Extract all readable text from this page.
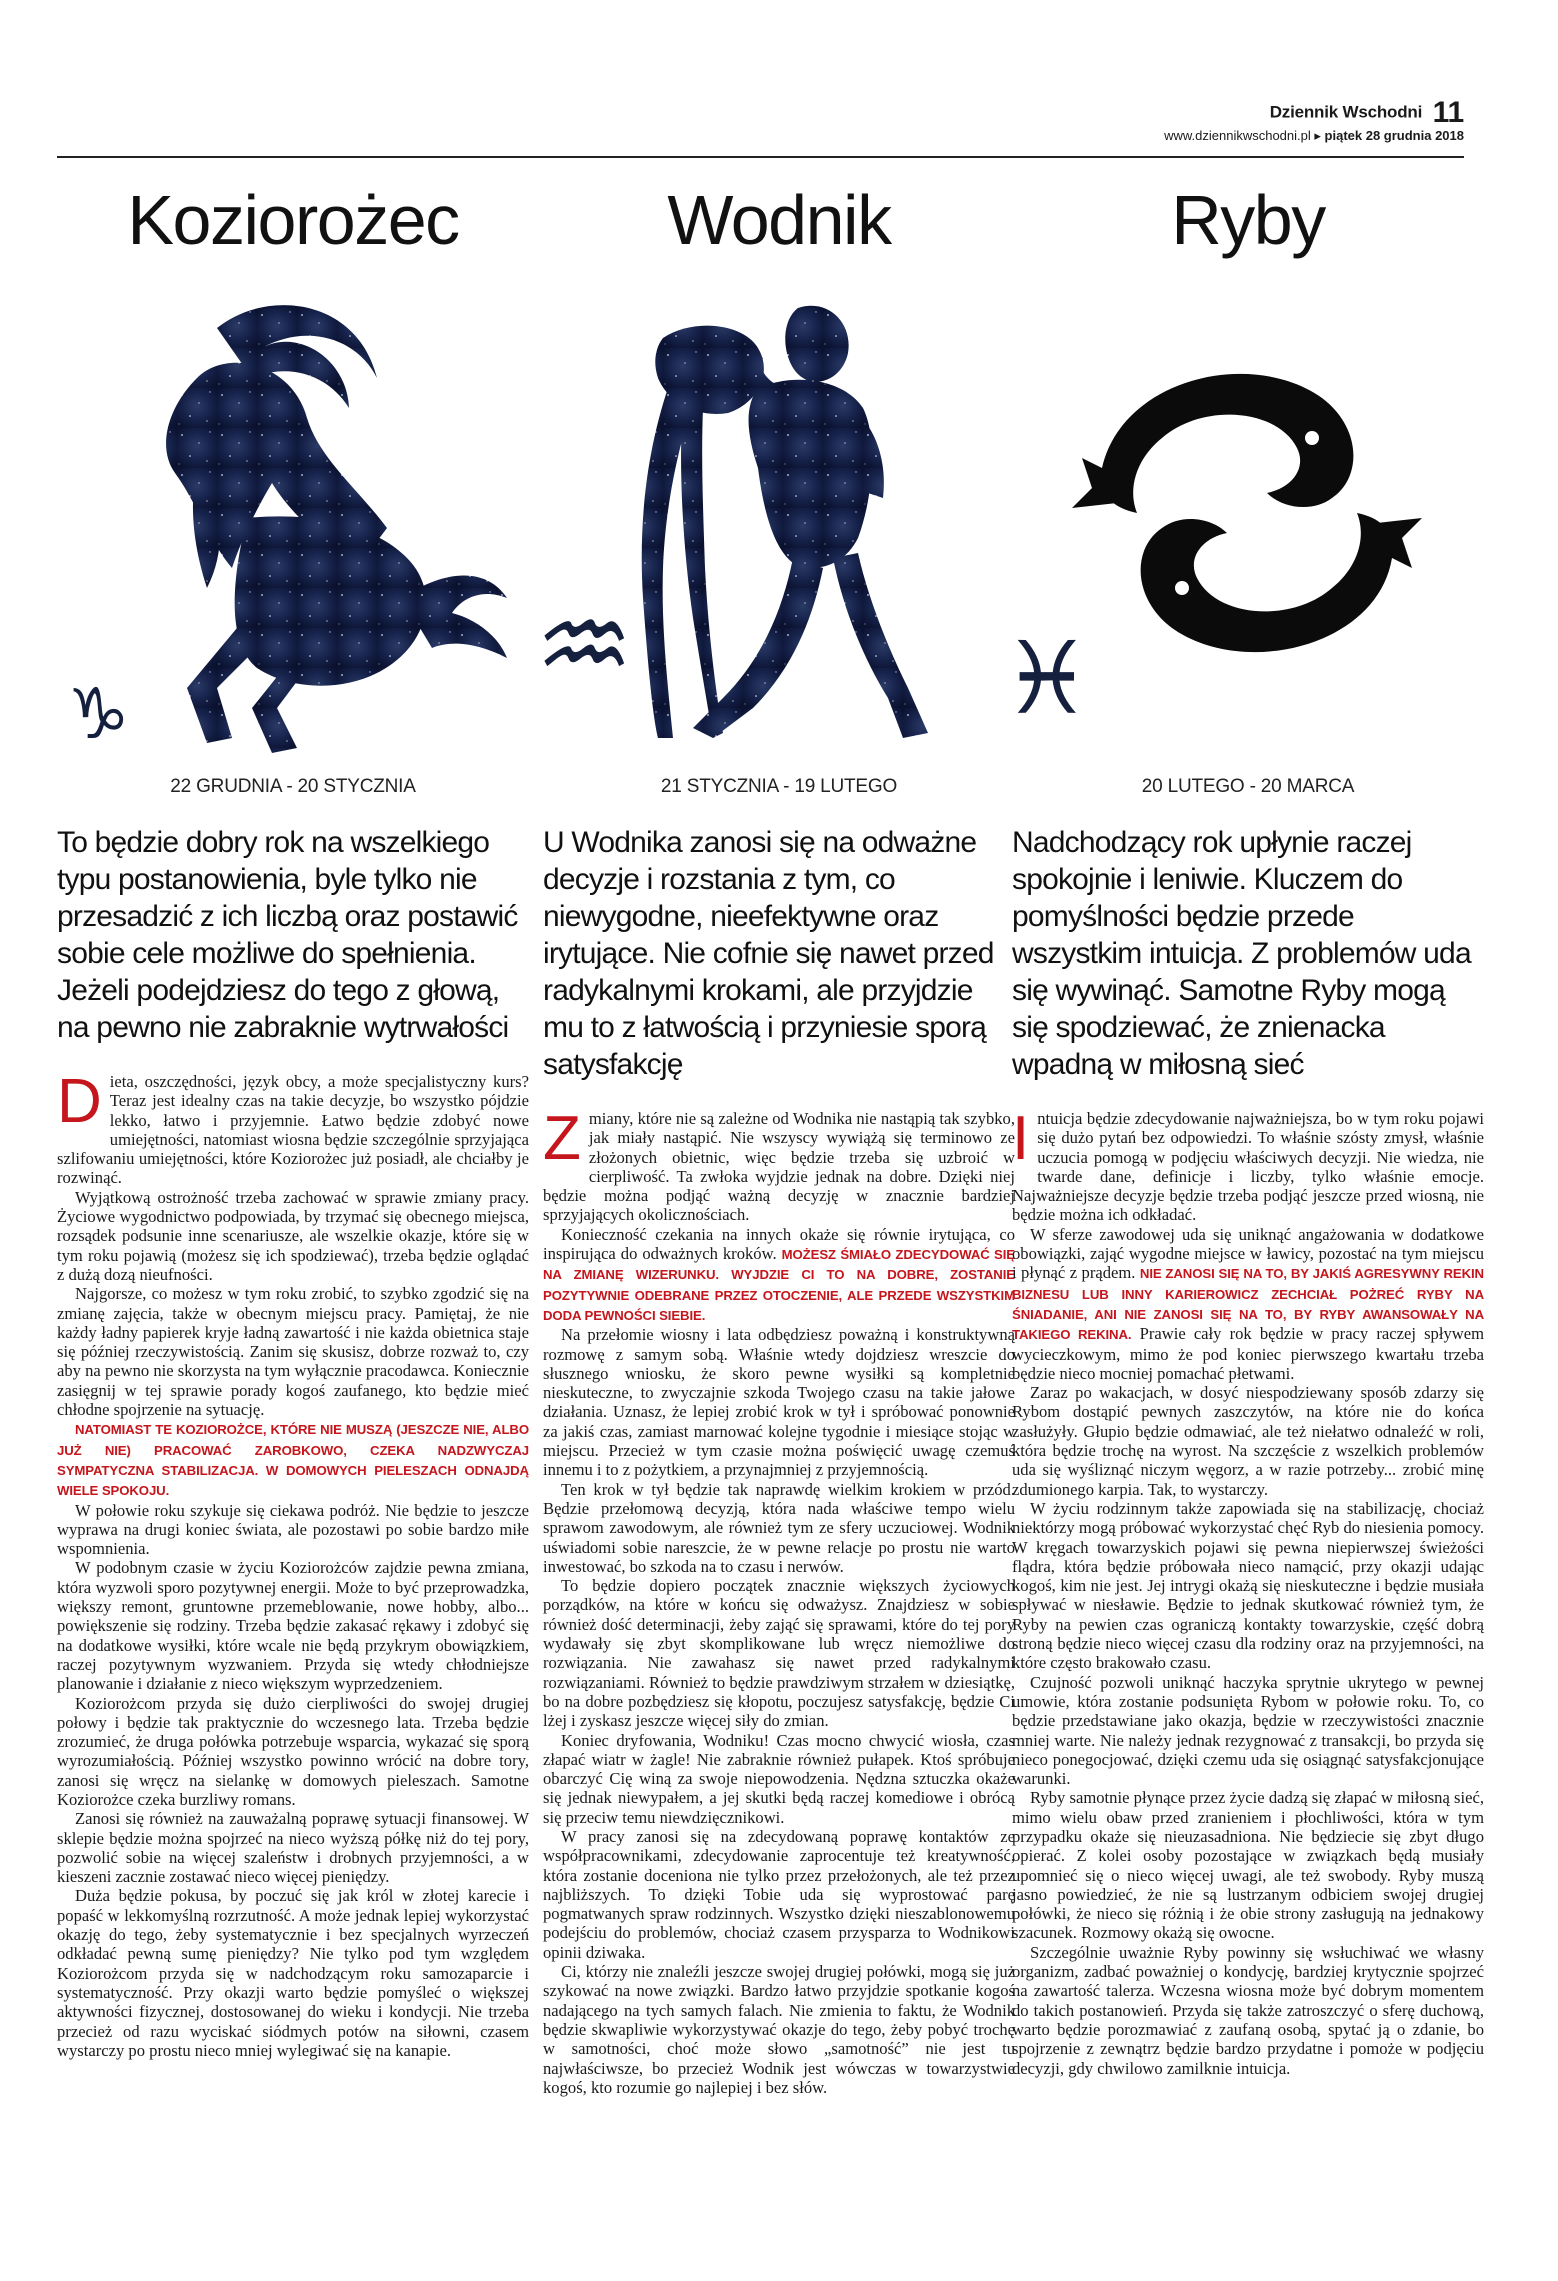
Dziennik Wschodni 11
www.dziennikwschodni.pl ▸ piątek 28 grudnia 2018
Koziorożec
♑
22 GRUDNIA - 20 STYCZNIA
To będzie dobry rok na wszelkiego typu postanowienia, byle tylko nie przesadzić z ich liczbą oraz postawić sobie cele możliwe do spełnienia. Jeżeli podejdziesz do tego z głową, na pewno nie zabraknie wytrwałości

Dieta, oszczędności, język obcy, a może specjalistyczny kurs? Teraz jest idealny czas na takie decyzje, bo wszystko pójdzie lekko, łatwo i przyjemnie. Łatwo będzie zdobyć nowe umiejętności, natomiast wiosna będzie szczególnie sprzyjająca szlifowaniu umiejętności, które Koziorożec już posiadł, ale chciałby je rozwinąć.

Wyjątkową ostrożność trzeba zachować w sprawie zmiany pracy. Życiowe wygodnictwo podpowiada, by trzymać się obecnego miejsca, rozsądek podsunie inne scenariusze, ale wszelkie okazje, które się w tym roku pojawią (możesz się ich spodziewać), trzeba będzie oglądać z dużą dozą nieufności.

Najgorsze, co możesz w tym roku zrobić, to szybko zgodzić się na zmianę zajęcia, także w obecnym miejscu pracy. Pamiętaj, że nie każdy ładny papierek kryje ładną zawartość i nie każda obietnica staje się później rzeczywistością. Zanim się skusisz, dobrze rozważ to, czy aby na pewno nie skorzysta na tym wyłącznie pracodawca. Koniecznie zasięgnij w tej sprawie porady kogoś zaufanego, kto będzie mieć chłodne spojrzenie na sytuację.

NATOMIAST TE KOZIOROŻCE, KTÓRE NIE MUSZĄ (JESZCZE NIE, ALBO JUŻ NIE) PRACOWAĆ ZAROBKOWO, CZEKA NADZWYCZAJ SYMPATYCZNA STABILIZACJA. W DOMOWYCH PIELESZACH ODNAJDĄ WIELE SPOKOJU.

W połowie roku szykuje się ciekawa podróż. Nie będzie to jeszcze wyprawa na drugi koniec świata, ale pozostawi po sobie bardzo miłe wspomnienia.

W podobnym czasie w życiu Koziorożców zajdzie pewna zmiana, która wyzwoli sporo pozytywnej energii. Może to być przeprowadzka, większy remont, gruntowne przemeblowanie, nowe hobby, albo... powiększenie się rodziny. Trzeba będzie zakasać rękawy i zdobyć się na dodatkowe wysiłki, które wcale nie będą przykrym obowiązkiem, raczej pozytywnym wyzwaniem. Przyda się wtedy chłodniejsze planowanie i działanie z nieco większym wyprzedzeniem.

Koziorożcom przyda się dużo cierpliwości do swojej drugiej połowy i będzie tak praktycznie do wczesnego lata. Trzeba będzie zrozumieć, że druga połówka potrzebuje wsparcia, wykazać się sporą wyrozumiałością. Później wszystko powinno wrócić na dobre tory, zanosi się wręcz na sielankę w domowych pieleszach. Samotne Koziorożce czeka burzliwy romans.

Zanosi się również na zauważalną poprawę sytuacji finansowej. W sklepie będzie można spojrzeć na nieco wyższą półkę niż do tej pory, pozwolić sobie na więcej szaleństw i drobnych przyjemności, a w kieszeni zacznie zostawać nieco więcej pieniędzy.

Duża będzie pokusa, by poczuć się jak król w złotej karecie i popaść w lekkomyślną rozrzutność. A może jednak lepiej wykorzystać okazję do tego, żeby systematycznie i bez specjalnych wyrzeczeń odkładać pewną sumę pieniędzy? Nie tylko pod tym względem Koziorożcom przyda się w nadchodzącym roku samozaparcie i systematyczność. Przy okazji warto będzie pomyśleć o większej aktywności fizycznej, dostosowanej do wieku i kondycji. Nie trzeba przecież od razu wyciskać siódmych potów na siłowni, czasem wystarczy po prostu nieco mniej wylegiwać się na kanapie.

Wodnik
♒
21 STYCZNIA - 19 LUTEGO
U Wodnika zanosi się na odważne decyzje i rozstania z tym, co niewygodne, nieefektywne oraz irytujące. Nie cofnie się nawet przed radykalnymi krokami, ale przyjdzie mu to z łatwością i przyniesie sporą satysfakcję

Zmiany, które nie są zależne od Wodnika nie nastąpią tak szybko, jak miały nastąpić. Nie wszyscy wywiążą się terminowo ze złożonych obietnic, więc będzie trzeba się uzbroić w cierpliwość. Ta zwłoka wyjdzie jednak na dobre. Dzięki niej będzie można podjąć ważną decyzję w znacznie bardziej sprzyjających okolicznościach.

Konieczność czekania na innych okaże się równie irytująca, co inspirująca do odważnych kroków. MOŻESZ ŚMIAŁO ZDECYDOWAĆ SIĘ NA ZMIANĘ WIZERUNKU. WYJDZIE CI TO NA DOBRE, ZOSTANIE POZYTYWNIE ODEBRANE PRZEZ OTOCZENIE, ALE PRZEDE WSZYSTKIM DODA PEWNOŚCI SIEBIE.

Na przełomie wiosny i lata odbędziesz poważną i konstruktywną rozmowę z samym sobą. Właśnie wtedy dojdziesz wreszcie do słusznego wniosku, że skoro pewne wysiłki są kompletnie nieskuteczne, to zwyczajnie szkoda Twojego czasu na takie jałowe działania. Uznasz, że lepiej zrobić krok w tył i spróbować ponownie za jakiś czas, zamiast marnować kolejne tygodnie i miesiące stojąc w miejscu. Przecież w tym czasie można poświęcić uwagę czemuś innemu i to z pożytkiem, a przynajmniej z przyjemnością.

Ten krok w tył będzie tak naprawdę wielkim krokiem w przód. Będzie przełomową decyzją, która nada właściwe tempo wielu sprawom zawodowym, ale również tym ze sfery uczuciowej. Wodnik uświadomi sobie nareszcie, że w pewne relacje po prostu nie warto inwestować, bo szkoda na to czasu i nerwów.

To będzie dopiero początek znacznie większych życiowych porządków, na które w końcu się odważysz. Znajdziesz w sobie również dość determinacji, żeby zająć się sprawami, które do tej pory wydawały się zbyt skomplikowane lub wręcz niemożliwe do rozwiązania. Nie zawahasz się nawet przed radykalnymi rozwiązaniami. Również to będzie prawdziwym strzałem w dziesiątkę, bo na dobre pozbędziesz się kłopotu, poczujesz satysfakcję, będzie Ci lżej i zyskasz jeszcze więcej siły do zmian.

Koniec dryfowania, Wodniku! Czas mocno chwycić wiosła, czas złapać wiatr w żagle! Nie zabraknie również pułapek. Ktoś spróbuje obarczyć Cię winą za swoje niepowodzenia. Nędzna sztuczka okaże się jednak niewypałem, a jej skutki będą raczej komediowe i obrócą się przeciw temu niewdzięcznikowi.

W pracy zanosi się na zdecydowaną poprawę kontaktów ze współpracownikami, zdecydowanie zaprocentuje też kreatywność, która zostanie doceniona nie tylko przez przełożonych, ale też przez najbliższych. To dzięki Tobie uda się wyprostować parę pogmatwanych spraw rodzinnych. Wszystko dzięki nieszablonowemu podejściu do problemów, chociaż czasem przysparza to Wodnikowi opinii dziwaka.

Ci, którzy nie znaleźli jeszcze swojej drugiej połówki, mogą się już szykować na nowe związki. Bardzo łatwo przyjdzie spotkanie kogoś nadającego na tych samych falach. Nie zmienia to faktu, że Wodnik będzie skwapliwie wykorzystywać okazje do tego, żeby pobyć trochę w samotności, choć może słowo „samotność” nie jest tu najwłaściwsze, bo przecież Wodnik jest wówczas w towarzystwie kogoś, kto rozumie go najlepiej i bez słów.

Ryby
♓
20 LUTEGO - 20 MARCA
Nadchodzący rok upłynie raczej spokojnie i leniwie. Kluczem do pomyślności będzie przede wszystkim intuicja. Z problemów uda się wywinąć. Samotne Ryby mogą się spodziewać, że znienacka wpadną w miłosną sieć

Intuicja będzie zdecydowanie najważniejsza, bo w tym roku pojawi się dużo pytań bez odpowiedzi. To właśnie szósty zmysł, właśnie uczucia pomogą w podjęciu właściwych decyzji. Nie wiedza, nie twarde dane, definicje i liczby, tylko właśnie emocje. Najważniejsze decyzje będzie trzeba podjąć jeszcze przed wiosną, nie będzie można ich odkładać.

W sferze zawodowej uda się uniknąć angażowania w dodatkowe obowiązki, zająć wygodne miejsce w ławicy, pozostać na tym miejscu i płynąć z prądem. NIE ZANOSI SIĘ NA TO, BY JAKIŚ AGRESYWNY REKIN BIZNESU LUB INNY KARIEROWICZ ZECHCIAŁ POŻREĆ RYBY NA ŚNIADANIE, ANI NIE ZANOSI SIĘ NA TO, BY RYBY AWANSOWAŁY NA TAKIEGO REKINA. Prawie cały rok będzie w pracy raczej spływem wycieczkowym, mimo że pod koniec pierwszego kwartału trzeba będzie nieco mocniej pomachać płetwami.

Zaraz po wakacjach, w dosyć niespodziewany sposób zdarzy się Rybom dostąpić pewnych zaszczytów, na które nie do końca zasłużyły. Głupio będzie odmawiać, ale też niełatwo odnaleźć w roli, która będzie trochę na wyrost. Na szczęście z wszelkich problemów uda się wyśliznąć niczym węgorz, a w razie potrzeby... zrobić minę zdumionego karpia. Tak, to wystarczy.

W życiu rodzinnym także zapowiada się na stabilizację, chociaż niektórzy mogą próbować wykorzystać chęć Ryb do niesienia pomocy. W kręgach towarzyskich pojawi się pewna niepierwszej świeżości flądra, która będzie próbowała nieco namącić, przy okazji udając kogoś, kim nie jest. Jej intrygi okażą się nieskuteczne i będzie musiała spływać w niesławie. Będzie to jednak skutkować również tym, że Ryby na pewien czas ograniczą kontakty towarzyskie, część dobrą stroną będzie nieco więcej czasu dla rodziny oraz na przyjemności, na które często brakowało czasu.

Czujność pozwoli uniknąć haczyka sprytnie ukrytego w pewnej umowie, która zostanie podsunięta Rybom w połowie roku. To, co będzie przedstawiane jako okazja, będzie w rzeczywistości znacznie mniej warte. Nie należy jednak rezygnować z transakcji, bo przyda się nieco ponegocjować, dzięki czemu uda się osiągnąć satysfakcjonujące warunki.

Ryby samotnie płynące przez życie dadzą się złapać w miłosną sieć, mimo wielu obaw przed zranieniem i płochliwości, która w tym przypadku okaże się nieuzasadniona. Nie będziecie się zbyt długo opierać. Z kolei osoby pozostające w związkach będą musiały upomnieć się o nieco więcej uwagi, ale też swobody. Ryby muszą jasno powiedzieć, że nie są lustrzanym odbiciem swojej drugiej połówki, że nieco się różnią i że obie strony zasługują na jednakowy szacunek. Rozmowy okażą się owocne.

Szczególnie uważnie Ryby powinny się wsłuchiwać we własny organizm, zadbać poważniej o kondycję, bardziej krytycznie spojrzeć na zawartość talerza. Wczesna wiosna może być dobrym momentem do takich postanowień. Przyda się także zatroszczyć o sferę duchową, warto będzie porozmawiać z zaufaną osobą, spytać ją o zdanie, bo spojrzenie z zewnątrz będzie bardzo przydatne i pomoże w podjęciu decyzji, gdy chwilowo zamilknie intuicja.
